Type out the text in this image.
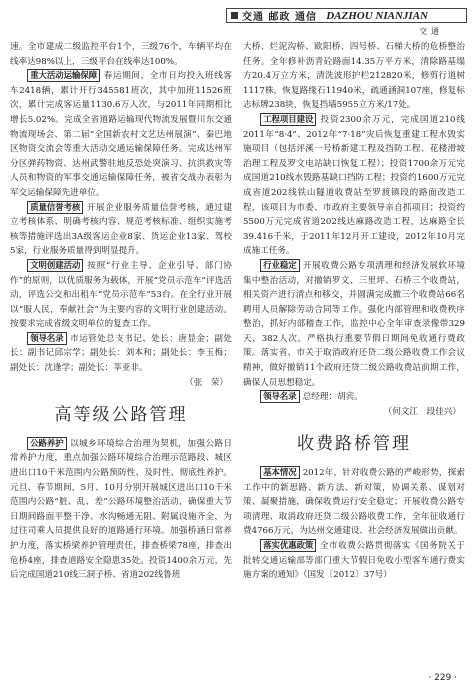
交通 邮政 通信 DAZHOU NIANJIAN
交通

速。全市建成二级监控平台1个，三级76个，车辆平均在线率达98%以上，三级平台在线率达100%。

重大活动运输保障 春运期间，全市日均投入班线客车2418辆，累计开行345581班次，其中加班11526班次，累计完成客运量1130.6万人次，与2011年同期相比增长5.02%。完成全省道路运输现代物流发展暨川东交通物流现场会、第二届“全国新农村文艺达州展演”、秦巴地区物资交流会等重大活动交通运输保障任务。完成达州军分区弹药物资、达州武警驻地反恐处突演习、抗洪救灾等人员和物资的军事交通运输保障任务，被省交战办表彰为军交运输保障先进单位。

质量信誉考核 开展企业服务质量信誉考核，通过建立考核体系、明确考核内容、规范考核标准、组织实施考核等措施评选出3A级客运企业8家、货运企业13家、驾校5家，行业服务质量得到明显提升。

文明创建活动 按照“行业主导、企业引导、部门协作”的原则，以优质服务为载体，开展“党员示范车”评选活动，评选公交和出租车“党员示范车”53台。在全行业开展以“服人民，奉献社会”为主要内容的文明行业创建活动。按要求完成省级文明单位的复查工作。

领导名录 市运管处总支书记、处长：唐显金；副处长：副书记邱宗学；副处长：刘本和；副处长：李玉梅；副处长：沈逢学；副处长：莘亚非。

（张　荣）

高等级公路管理

公路养护 以城乡环境综合治理为契机，加强公路日常养护力度，重点加强公路环境综合治理示范路段、城区进出口10千米范围内公路预防性、及时性、彻底性养护。元旦、春节期间，5月、10月分别开展城区进出口10千米范围内公路“脏、乱、差”公路环境整治活动，确保重大节日期间路面平整干净、水沟畅通无阻、附属设施齐全，为过往司乘人员提供良好的道路通行环境。加强桥涵日常养护力度，落实桥梁养护管理责任，排查桥梁78座，排查出危桥4座，排查道路安全隐患35处。投资1400余万元，先后完成国道210线三洞子桥、省道202线鲁班

大桥、烂泥沟桥、欧阳桥、四号桥、石梯大桥的危桥整治任务。全年修补沥青砼路面14.35万平方米，清除路基塌方20.4万立方米，清洗波形护栏212820米，修剪行道树1117株，恢复路缘石11940米，疏通涵洞107座，修复标志标牌238块，恢复挡墙5955立方米/17处。

工程项目建设 投资2300余万元，完成国道210线2011年“8·4”、2012年“7·18”灾后恢复重建工程水毁实施项目（包括评溪一号桥新建工程及挡防工程、花楼滑坡治理工程及罗文电站缺口恢复工程）；投资1700余万元完成国道210线水毁路基缺口挡防工程；投资约1600万元完成省道202线铁山隧道收费站至罗渡镇段的路面改造工程，该项目为市委、市政府主要领导亲自抓项目；投资约5500万元完成省道202线达麻路改造工程，达麻路全长39.416千米，于2011年12月开工建设，2012年10月完成施工任务。

行业稳定 开展收费公路专项清理和经济发展软环境集中整治活动，对撤销罗文、三里坪、石桥三个收费站，相关资产进行清点和移交，并圆满完成撤三个收费站66名聘用人员解除劳动合同等工作。强化内部管理和收费秩序整治，抓好内部稽查工作，监控中心全年审查录像带329天，382人次。严格执行重要节假日期间免收通行费政策。落实省、市关于取消政府还贷二级公路收费工作会议精神，做好撤销11个政府还贷二级公路收费站前期工作，确保人员思想稳定。

领导名录 总经理：胡宾。

（何文江　段佳兴）

收费路桥管理

基本情况 2012年，针对收费公路的严峻形势，探索工作中的新思路、新方法、新对策，协调关系、谋划对策、凝聚措施，确保收费运行安全稳定；开展收费公路专项清理、取消政府还贷二级公路收费工作，全年征收通行费4766万元，为达州交通建设、社会经济发展做出贡献。

落实优惠政策 全市收费公路贯彻落实《国务院关于批转交通运输部等部门重大节假日免收小型客车通行费实施方案的通知》（国发〔2012〕37号）

· 229 ·
